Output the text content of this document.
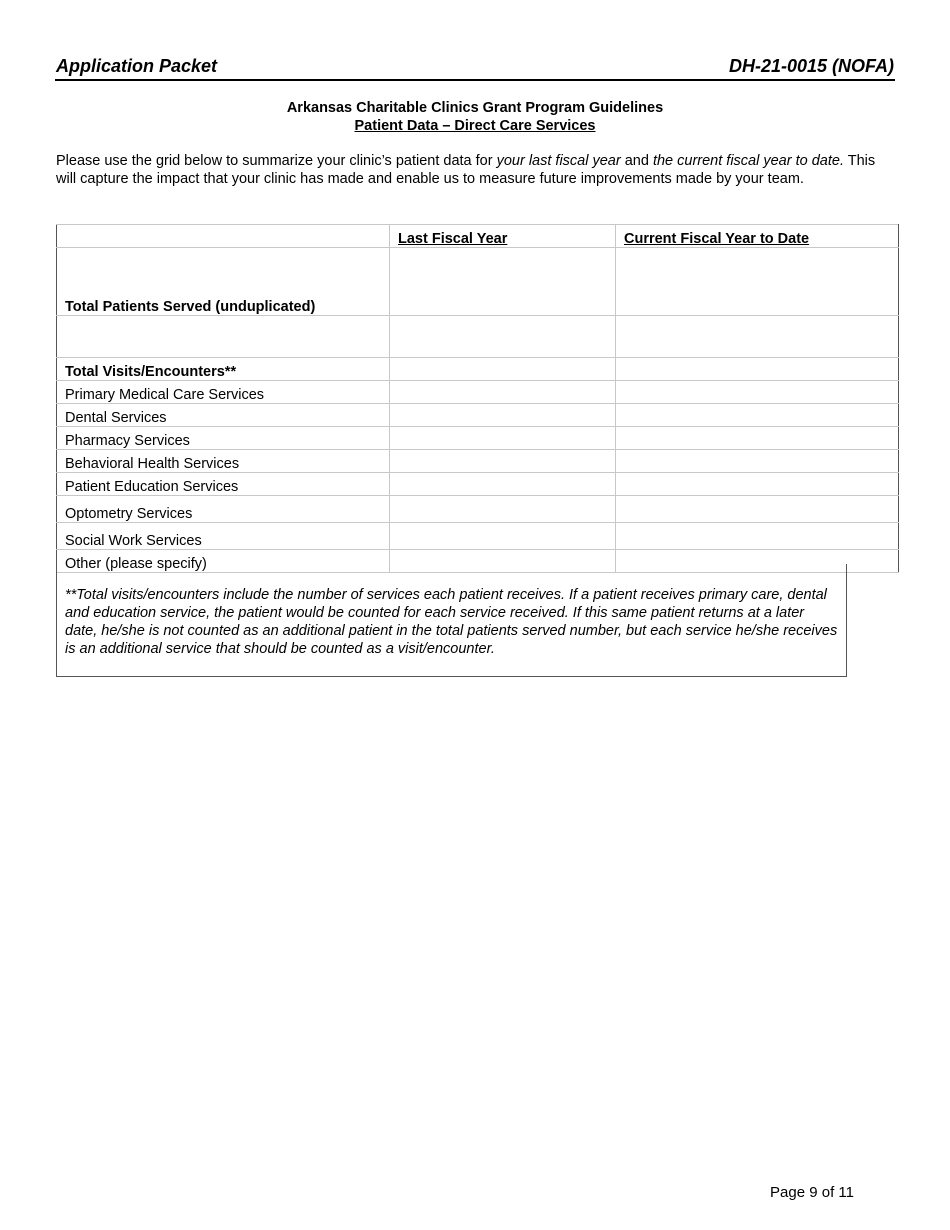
Application Packet	DH-21-0015 (NOFA)
Arkansas Charitable Clinics Grant Program Guidelines
Patient Data – Direct Care Services
Please use the grid below to summarize your clinic’s patient data for your last fiscal year and the current fiscal year to date. This will capture the impact that your clinic has made and enable us to measure future improvements made by your team.
	Last Fiscal Year	Current Fiscal Year to Date
Total Patients Served (unduplicated)		

Total Visits/Encounters**		
Primary Medical Care Services		
Dental Services		
Pharmacy Services		
Behavioral Health Services		
Patient Education Services		
Optometry Services		
Social Work Services		
Other (please specify)		
**Total visits/encounters include the number of services each patient receives. If a patient receives primary care, dental and education service, the patient would be counted for each service received. If this same patient returns at a later date, he/she is not counted as an additional patient in the total patients served number, but each service he/she receives is an additional service that should be counted as a visit/encounter.
Page 9 of 11
